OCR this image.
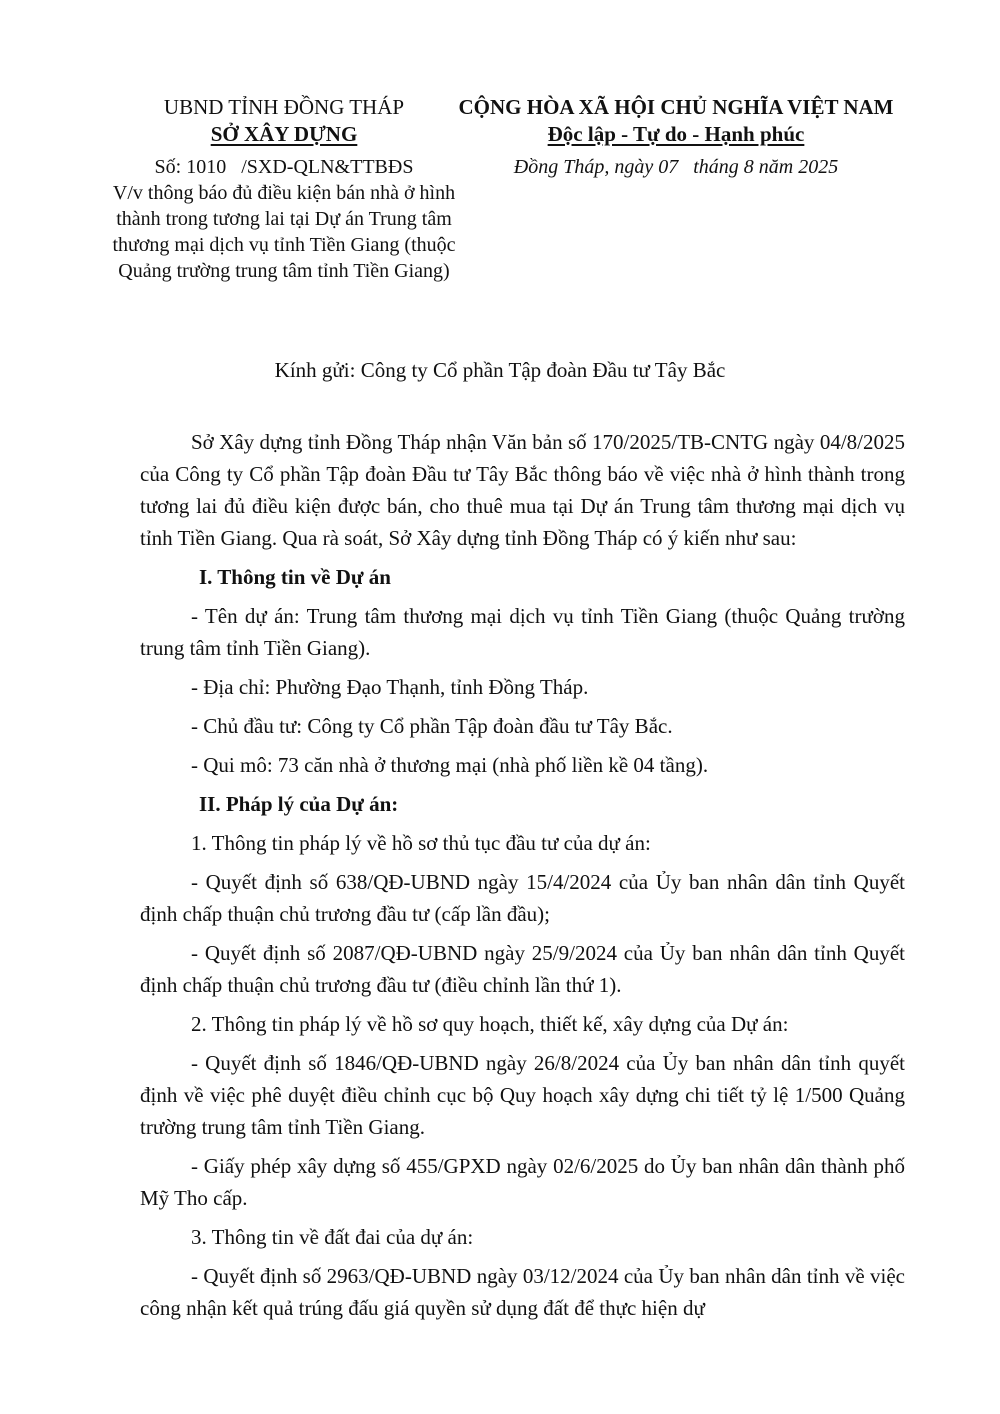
UBND TỈNH ĐỒNG THÁP
SỞ XÂY DỰNG
Số: 1010 /SXD-QLN&TTBĐS
V/v thông báo đủ điều kiện bán nhà ở hình thành trong tương lai tại Dự án Trung tâm thương mại dịch vụ tỉnh Tiền Giang (thuộc Quảng trường trung tâm tỉnh Tiền Giang)
CỘNG HÒA XÃ HỘI CHỦ NGHĨA VIỆT NAM
Độc lập - Tự do - Hạnh phúc
Đồng Tháp, ngày 07 tháng 8 năm 2025
Kính gửi: Công ty Cổ phần Tập đoàn Đầu tư Tây Bắc

Sở Xây dựng tỉnh Đồng Tháp nhận Văn bản số 170/2025/TB-CNTG ngày 04/8/2025 của Công ty Cổ phần Tập đoàn Đầu tư Tây Bắc thông báo về việc nhà ở hình thành trong tương lai đủ điều kiện được bán, cho thuê mua tại Dự án Trung tâm thương mại dịch vụ tỉnh Tiền Giang. Qua rà soát, Sở Xây dựng tỉnh Đồng Tháp có ý kiến như sau:

I. Thông tin về Dự án

- Tên dự án: Trung tâm thương mại dịch vụ tỉnh Tiền Giang (thuộc Quảng trường trung tâm tỉnh Tiền Giang).

- Địa chỉ: Phường Đạo Thạnh, tỉnh Đồng Tháp.

- Chủ đầu tư: Công ty Cổ phần Tập đoàn đầu tư Tây Bắc.

- Qui mô: 73 căn nhà ở thương mại (nhà phố liền kề 04 tầng).

II. Pháp lý của Dự án:

1. Thông tin pháp lý về hồ sơ thủ tục đầu tư của dự án:

- Quyết định số 638/QĐ-UBND ngày 15/4/2024 của Ủy ban nhân dân tỉnh Quyết định chấp thuận chủ trương đầu tư (cấp lần đầu);

- Quyết định số 2087/QĐ-UBND ngày 25/9/2024 của Ủy ban nhân dân tỉnh Quyết định chấp thuận chủ trương đầu tư (điều chỉnh lần thứ 1).

2. Thông tin pháp lý về hồ sơ quy hoạch, thiết kế, xây dựng của Dự án:

- Quyết định số 1846/QĐ-UBND ngày 26/8/2024 của Ủy ban nhân dân tỉnh quyết định về việc phê duyệt điều chỉnh cục bộ Quy hoạch xây dựng chi tiết tỷ lệ 1/500 Quảng trường trung tâm tỉnh Tiền Giang.

- Giấy phép xây dựng số 455/GPXD ngày 02/6/2025 do Ủy ban nhân dân thành phố Mỹ Tho cấp.

3. Thông tin về đất đai của dự án:

- Quyết định số 2963/QĐ-UBND ngày 03/12/2024 của Ủy ban nhân dân tỉnh về việc công nhận kết quả trúng đấu giá quyền sử dụng đất để thực hiện dự
